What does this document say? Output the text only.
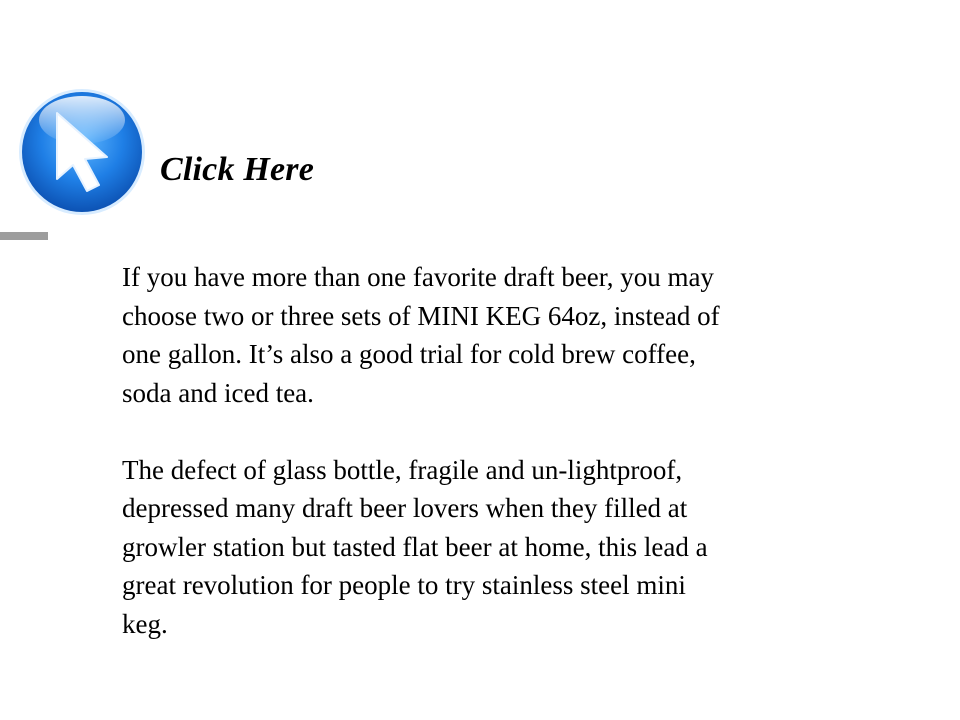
Click Here

If you have more than one favorite draft beer, you may
choose two or three sets of MINI KEG 64oz, instead of
one gallon. It’s also a good trial for cold brew coffee,
soda and iced tea.

The defect of glass bottle, fragile and un-lightproof,
depressed many draft beer lovers when they filled at
growler station but tasted flat beer at home, this lead a
great revolution for people to try stainless steel mini
keg.
